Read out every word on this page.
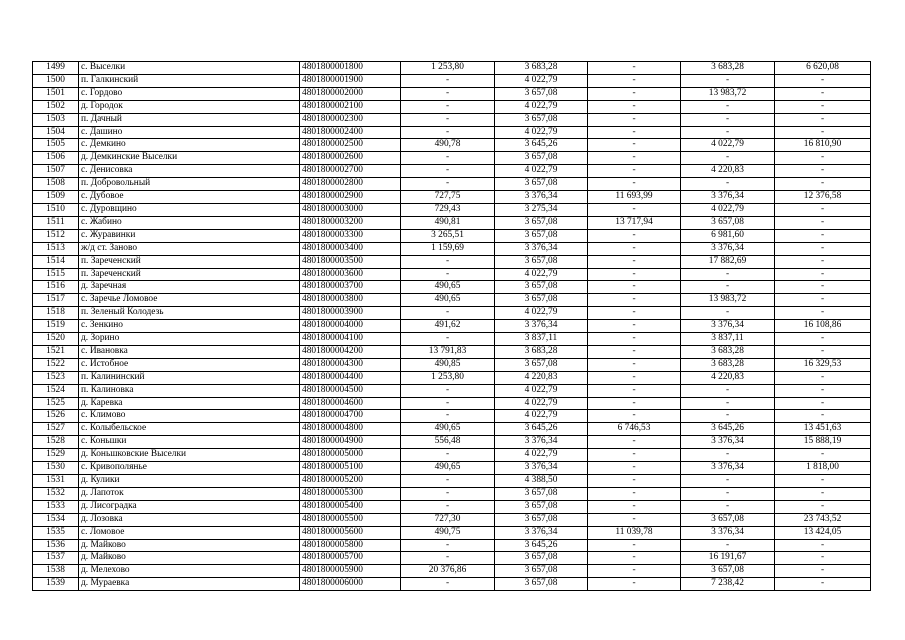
1499	с. Выселки	4801800001800	1 253,80	3 683,28	-	3 683,28	6 620,08
1500	п. Галкинский	4801800001900	-	4 022,79	-	-	-
1501	с. Гордово	4801800002000	-	3 657,08	-	13 983,72	-
1502	д. Городок	4801800002100	-	4 022,79	-	-	-
1503	п. Дачный	4801800002300	-	3 657,08	-	-	-
1504	с. Дашино	4801800002400	-	4 022,79	-	-	-
1505	с. Демкино	4801800002500	490,78	3 645,26	-	4 022,79	16 810,90
1506	д. Демкинские Выселки	4801800002600	-	3 657,08	-	-	-
1507	с. Денисовка	4801800002700	-	4 022,79	-	4 220,83	-
1508	п. Добровольный	4801800002800	-	3 657,08	-	-	-
1509	с. Дубовое	4801800002900	727,75	3 376,34	11 693,99	3 376,34	12 376,58
1510	с. Дуровщино	4801800003000	729,43	3 275,34	-	4 022,79	-
1511	с. Жабино	4801800003200	490,81	3 657,08	13 717,94	3 657,08	-
1512	с. Журавинки	4801800003300	3 265,51	3 657,08	-	6 981,60	-
1513	ж/д ст. Заново	4801800003400	1 159,69	3 376,34	-	3 376,34	-
1514	п. Зареченский	4801800003500	-	3 657,08	-	17 882,69	-
1515	п. Зареченский	4801800003600	-	4 022,79	-	-	-
1516	д. Заречная	4801800003700	490,65	3 657,08	-	-	-
1517	с. Заречье Ломовое	4801800003800	490,65	3 657,08	-	13 983,72	-
1518	п. Зеленый Колодезь	4801800003900	-	4 022,79	-	-	-
1519	с. Зенкино	4801800004000	491,62	3 376,34	-	3 376,34	16 108,86
1520	д. Зорино	4801800004100	-	3 837,11	-	3 837,11	-
1521	с. Ивановка	4801800004200	13 791,83	3 683,28	-	3 683,28	-
1522	с. Истобное	4801800004300	490,85	3 657,08	-	3 683,28	16 329,53
1523	п. Калининский	4801800004400	1 253,80	4 220,83	-	4 220,83	-
1524	п. Калиновка	4801800004500	-	4 022,79	-	-	-
1525	д. Каревка	4801800004600	-	4 022,79	-	-	-
1526	с. Климово	4801800004700	-	4 022,79	-	-	-
1527	с. Колыбельское	4801800004800	490,65	3 645,26	6 746,53	3 645,26	13 451,63
1528	с. Коньшки	4801800004900	556,48	3 376,34	-	3 376,34	15 888,19
1529	д. Коньшковские Выселки	4801800005000	-	4 022,79	-	-	-
1530	с. Кривополянье	4801800005100	490,65	3 376,34	-	3 376,34	1 818,00
1531	д. Кулики	4801800005200	-	4 388,50	-	-	-
1532	д. Лапоток	4801800005300	-	3 657,08	-	-	-
1533	д. Лисоградка	4801800005400	-	3 657,08	-	-	-
1534	д. Лозовка	4801800005500	727,30	3 657,08	-	3 657,08	23 743,52
1535	с. Ломовое	4801800005600	490,75	3 376,34	11 039,78	3 376,34	13 424,05
1536	д. Майково	4801800005800	-	3 645,26	-	-	-
1537	д. Майково	4801800005700	-	3 657,08	-	16 191,67	-
1538	д. Мелехово	4801800005900	20 376,86	3 657,08	-	3 657,08	-
1539	д. Мураевка	4801800006000	-	3 657,08	-	7 238,42	-
